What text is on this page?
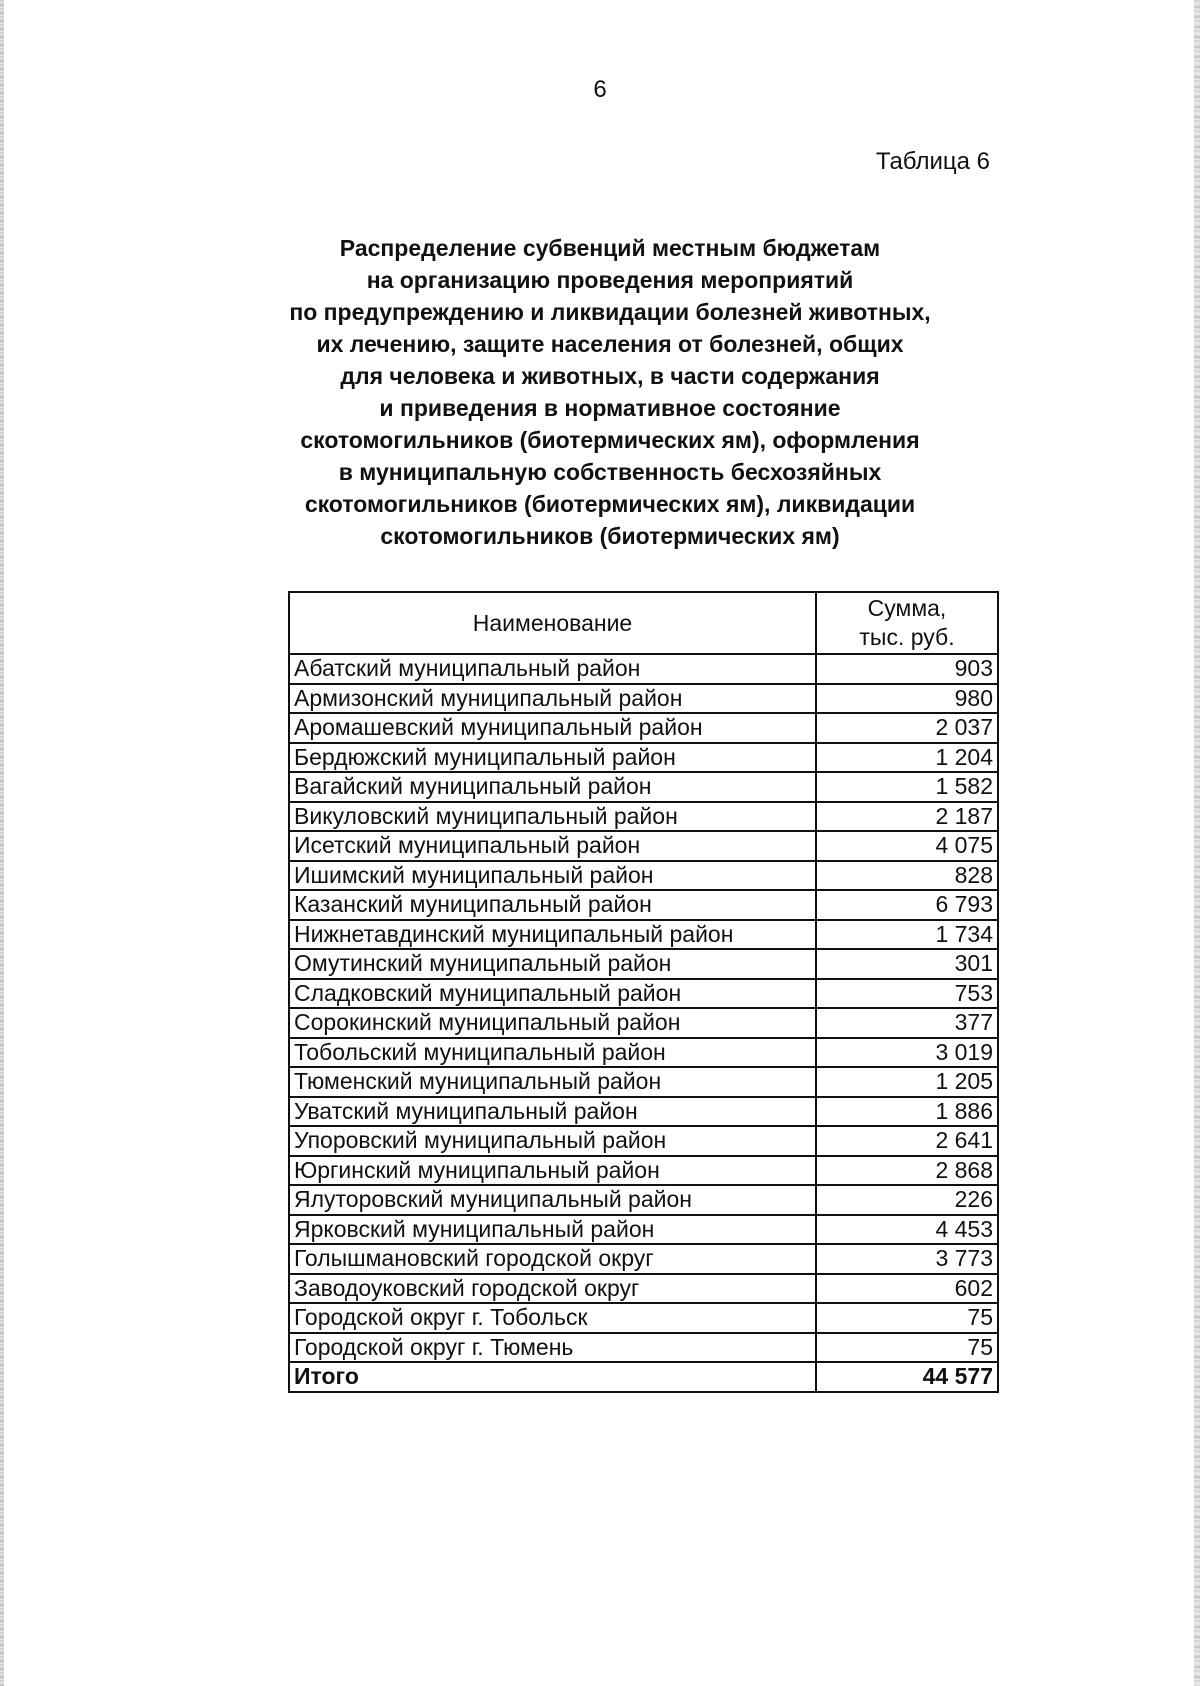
6
Таблица 6
Распределение субвенций местным бюджетам
на организацию проведения мероприятий
по предупреждению и ликвидации болезней животных,
их лечению, защите населения от болезней, общих
для человека и животных, в части содержания
и приведения в нормативное состояние
скотомогильников (биотермических ям), оформления
в муниципальную собственность бесхозяйных
скотомогильников (биотермических ям), ликвидации
скотомогильников (биотермических ям)
Наименование	Сумма,
тыс. руб.

Абатский муниципальный район	903
Армизонский муниципальный район	980
Аромашевский муниципальный район	2 037
Бердюжский муниципальный район	1 204
Вагайский муниципальный район	1 582
Викуловский муниципальный район	2 187
Исетский муниципальный район	4 075
Ишимский муниципальный район	828
Казанский муниципальный район	6 793
Нижнетавдинский муниципальный район	1 734
Омутинский муниципальный район	301
Сладковский муниципальный район	753
Сорокинский муниципальный район	377
Тобольский муниципальный район	3 019
Тюменский муниципальный район	1 205
Уватский муниципальный район	1 886
Упоровский муниципальный район	2 641
Юргинский муниципальный район	2 868
Ялуторовский муниципальный район	226
Ярковский муниципальный район	4 453
Голышмановский городской округ	3 773
Заводоуковский городской округ	602
Городской округ г. Тобольск	75
Городской округ г. Тюмень	75
Итого	44 577
